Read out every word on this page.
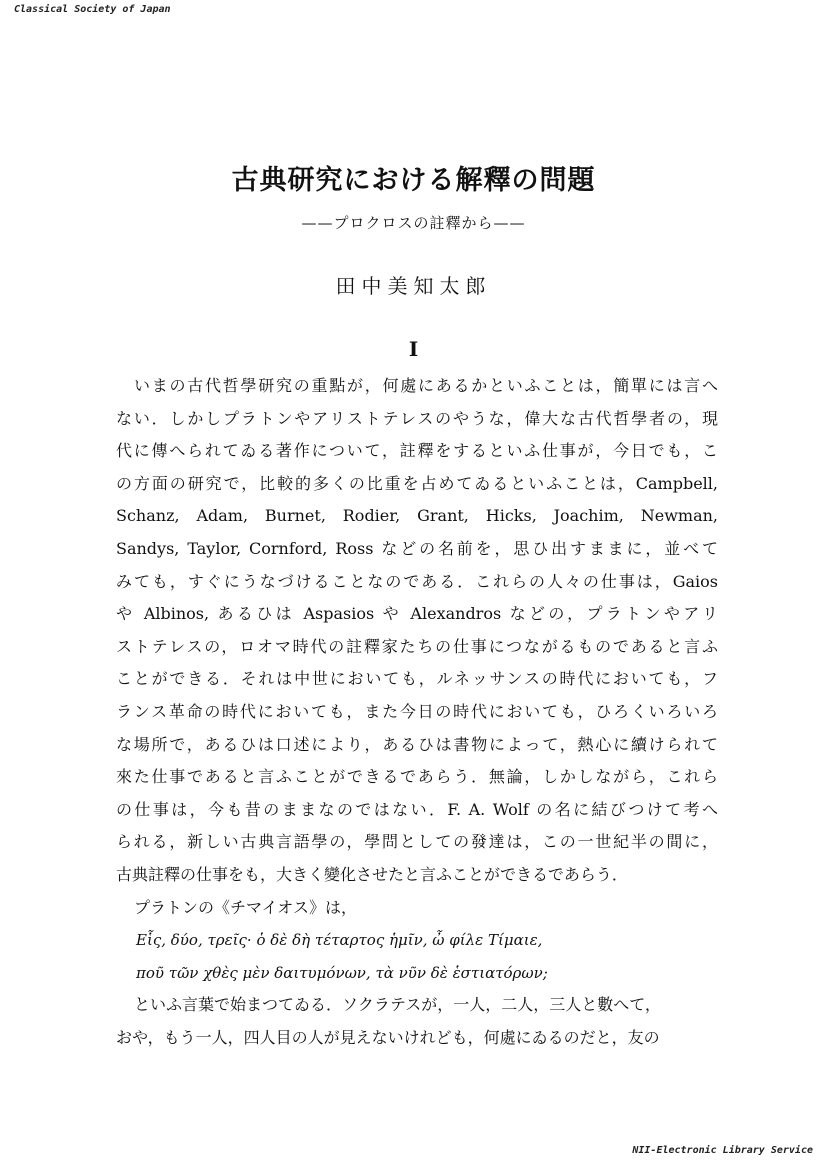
Classical Society of Japan
古典研究における解釋の問題
——プロクロスの註釋から——
田中美知太郎
I
いまの古代哲學研究の重點が，何處にあるかといふことは，簡單には言へ
ない．しかしプラトンやアリストテレスのやうな，偉大な古代哲學者の，現
代に傳へられてゐる著作について，註釋をするといふ仕事が，今日でも，こ
の方面の研究で，比較的多くの比重を占めてゐるといふことは，Campbell,
Schanz, Adam, Burnet, Rodier, Grant, Hicks, Joachim, Newman,
Sandys, Taylor, Cornford, Ross などの名前を，思ひ出すままに，並べて
みても，すぐにうなづけることなのである．これらの人々の仕事は，Gaios
や Albinos, あるひは Aspasios や Alexandros などの，プラトンやアリ
ストテレスの，ロオマ時代の註釋家たちの仕事につながるものであると言ふ
ことができる．それは中世においても，ルネッサンスの時代においても，フ
ランス革命の時代においても，また今日の時代においても，ひろくいろいろ
な場所で，あるひは口述により，あるひは書物によって，熱心に續けられて
來た仕事であると言ふことができるであらう．無論，しかしながら，これら
の仕事は，今も昔のままなのではない．F. A. Wolf の名に結びつけて考へ
られる，新しい古典言語學の，學問としての發達は，この一世紀半の間に，
古典註釋の仕事をも，大きく變化させたと言ふことができるであらう．
プラトンの《チマイオス》は，
Εἷς, δύο, τρεῖς· ὁ δὲ δὴ τέταρτος ἡμῖν, ὦ φίλε Τίμαιε,
ποῦ τῶν χθὲς μὲν δαιτυμόνων, τὰ νῦν δὲ ἑστιατόρων;
といふ言葉で始まつてゐる．ソクラテスが，一人，二人，三人と數へて，
おや，もう一人，四人目の人が見えないけれども，何處にゐるのだと，友の
NII-Electronic Library Service
